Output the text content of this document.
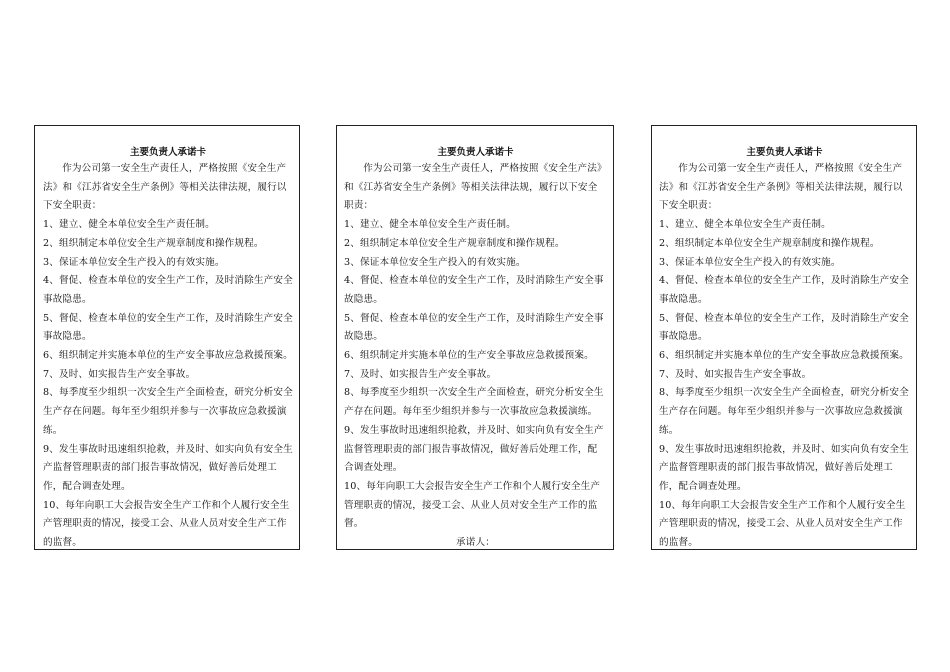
主要负责人承诺卡

作为公司第一安全生产责任人，严格按照《安全生产法》和《江苏省安全生产条例》等相关法律法规，履行以下安全职责：

1、建立、健全本单位安全生产责任制。

2、组织制定本单位安全生产规章制度和操作规程。

3、保证本单位安全生产投入的有效实施。

4、督促、检查本单位的安全生产工作，及时消除生产安全事故隐患。

5、督促、检查本单位的安全生产工作，及时消除生产安全事故隐患。

6、组织制定并实施本单位的生产安全事故应急救援预案。

7、及时、如实报告生产安全事故。

8、每季度至少组织一次安全生产全面检查，研究分析安全生产存在问题。每年至少组织并参与一次事故应急救援演练。

9、发生事故时迅速组织抢救，并及时、如实向负有安全生产监督管理职责的部门报告事故情况，做好善后处理工作，配合调查处理。

10、每年向职工大会报告安全生产工作和个人履行安全生产管理职责的情况，接受工会、从业人员对安全生产工作的监督。

主要负责人承诺卡

作为公司第一安全生产责任人，严格按照《安全生产法》和《江苏省安全生产条例》等相关法律法规，履行以下安全职责：

1、建立、健全本单位安全生产责任制。

2、组织制定本单位安全生产规章制度和操作规程。

3、保证本单位安全生产投入的有效实施。

4、督促、检查本单位的安全生产工作，及时消除生产安全事故隐患。

5、督促、检查本单位的安全生产工作，及时消除生产安全事故隐患。

6、组织制定并实施本单位的生产安全事故应急救援预案。

7、及时、如实报告生产安全事故。

8、每季度至少组织一次安全生产全面检查，研究分析安全生产存在问题。每年至少组织并参与一次事故应急救援演练。

9、发生事故时迅速组织抢救，并及时、如实向负有安全生产监督管理职责的部门报告事故情况，做好善后处理工作，配合调查处理。

10、每年向职工大会报告安全生产工作和个人履行安全生产管理职责的情况，接受工会、从业人员对安全生产工作的监督。

承诺人：

主要负责人承诺卡

作为公司第一安全生产责任人，严格按照《安全生产法》和《江苏省安全生产条例》等相关法律法规，履行以下安全职责：

1、建立、健全本单位安全生产责任制。

2、组织制定本单位安全生产规章制度和操作规程。

3、保证本单位安全生产投入的有效实施。

4、督促、检查本单位的安全生产工作，及时消除生产安全事故隐患。

5、督促、检查本单位的安全生产工作，及时消除生产安全事故隐患。

6、组织制定并实施本单位的生产安全事故应急救援预案。

7、及时、如实报告生产安全事故。

8、每季度至少组织一次安全生产全面检查，研究分析安全生产存在问题。每年至少组织并参与一次事故应急救援演练。

9、发生事故时迅速组织抢救，并及时、如实向负有安全生产监督管理职责的部门报告事故情况，做好善后处理工作，配合调查处理。

10、每年向职工大会报告安全生产工作和个人履行安全生产管理职责的情况，接受工会、从业人员对安全生产工作的监督。
